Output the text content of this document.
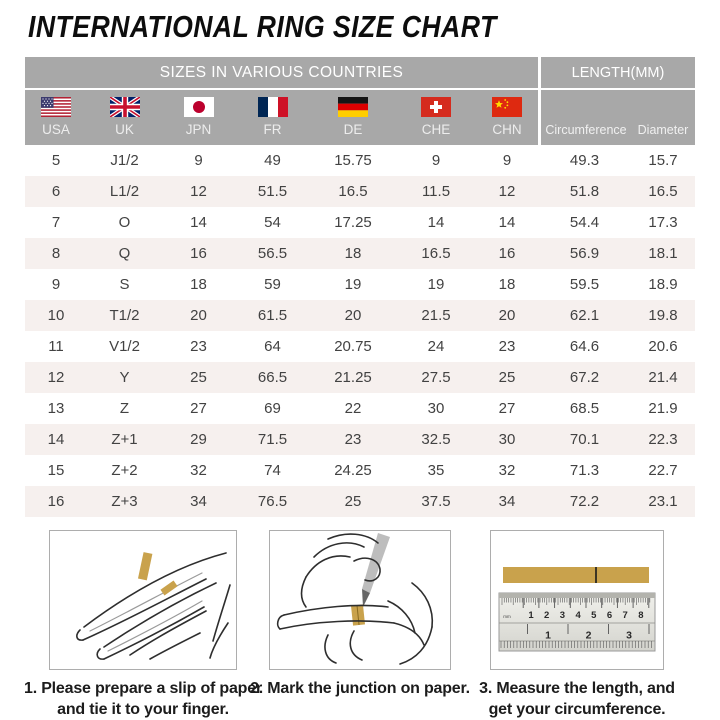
INTERNATIONAL RING SIZE CHART
SIZES IN VARIOUS COUNTRIES	LENGTH(MM)
USA	UK	JPN	FR	DE	CHE	CHN	Circumference Diameter
5	J1/2	9	49	15.75	9	9	49.3	15.7
6	L1/2	12	51.5	16.5	11.5	12	51.8	16.5
7	O	14	54	17.25	14	14	54.4	17.3
8	Q	16	56.5	18	16.5	16	56.9	18.1
9	S	18	59	19	19	18	59.5	18.9
10	T1/2	20	61.5	20	21.5	20	62.1	19.8
11	V1/2	23	64	20.75	24	23	64.6	20.6
12	Y	25	66.5	21.25	27.5	25	67.2	21.4
13	Z	27	69	22	30	27	68.5	21.9
14	Z+1	29	71.5	23	32.5	30	70.1	22.3
15	Z+2	32	74	24.25	35	32	71.3	22.7
16	Z+3	34	76.5	25	37.5	34	72.2	23.1
1. Please prepare a slip of paper
and tie it to your finger.
2. Mark the junction on paper.
1 2 3 4 5 6 7 8
1	2	3
mm
3. Measure the length, and
get your circumference.
